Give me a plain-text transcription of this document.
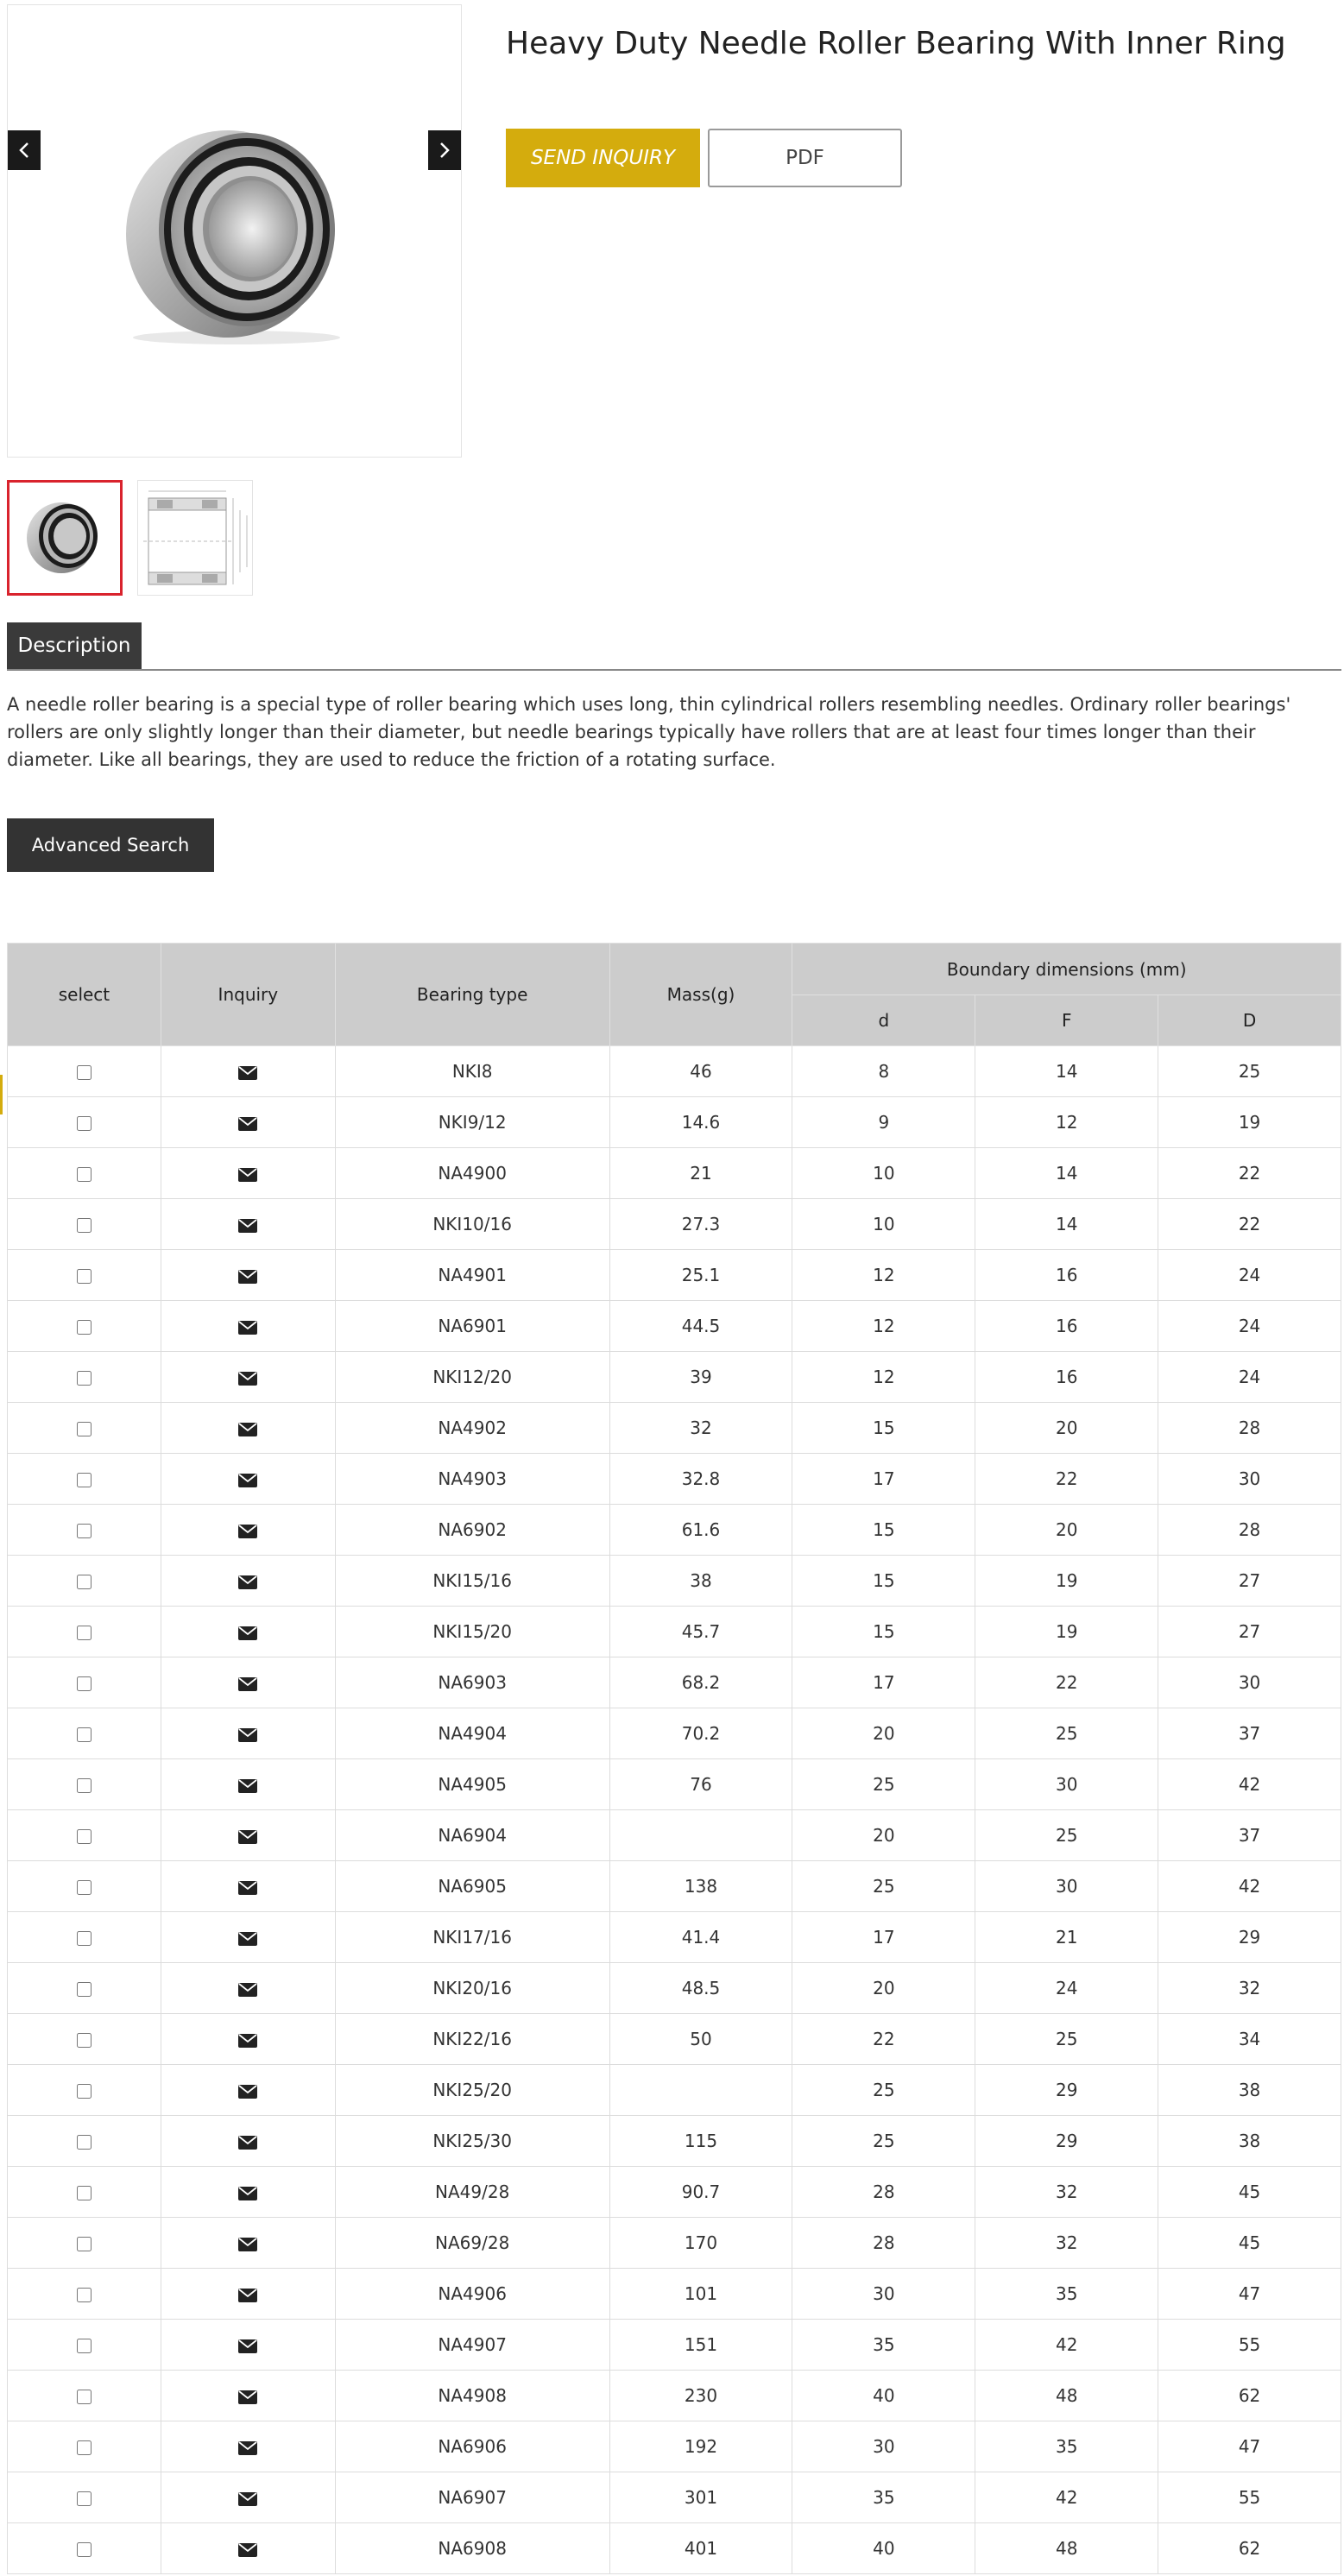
Heavy Duty Needle Roller Bearing With Inner Ring
SEND INQUIRY	PDF
Description

A needle roller bearing is a special type of roller bearing which uses long, thin cylindrical rollers resembling needles. Ordinary roller bearings' rollers are only slightly longer than their diameter, but needle bearings typically have rollers that are at least four times longer than their diameter. Like all bearings, they are used to reduce the friction of a rotating surface.

Advanced Search
select	Inquiry	Bearing type	Mass(g)	Boundary dimensions (mm)		
				d	F	D
		NKI8	46	8	14	25
		NKI9/12	14.6	9	12	19
		NA4900	21	10	14	22
		NKI10/16	27.3	10	14	22
		NA4901	25.1	12	16	24
		NA6901	44.5	12	16	24
		NKI12/20	39	12	16	24
		NA4902	32	15	20	28
		NA4903	32.8	17	22	30
		NA6902	61.6	15	20	28
		NKI15/16	38	15	19	27
		NKI15/20	45.7	15	19	27
		NA6903	68.2	17	22	30
		NA4904	70.2	20	25	37
		NA4905	76	25	30	42
		NA6904		20	25	37
		NA6905	138	25	30	42
		NKI17/16	41.4	17	21	29
		NKI20/16	48.5	20	24	32
		NKI22/16	50	22	25	34
		NKI25/20		25	29	38
		NKI25/30	115	25	29	38
		NA49/28	90.7	28	32	45
		NA69/28	170	28	32	45
		NA4906	101	30	35	47
		NA4907	151	35	42	55
		NA4908	230	40	48	62
		NA6906	192	30	35	47
		NA6907	301	35	42	55
		NA6908	401	40	48	62
